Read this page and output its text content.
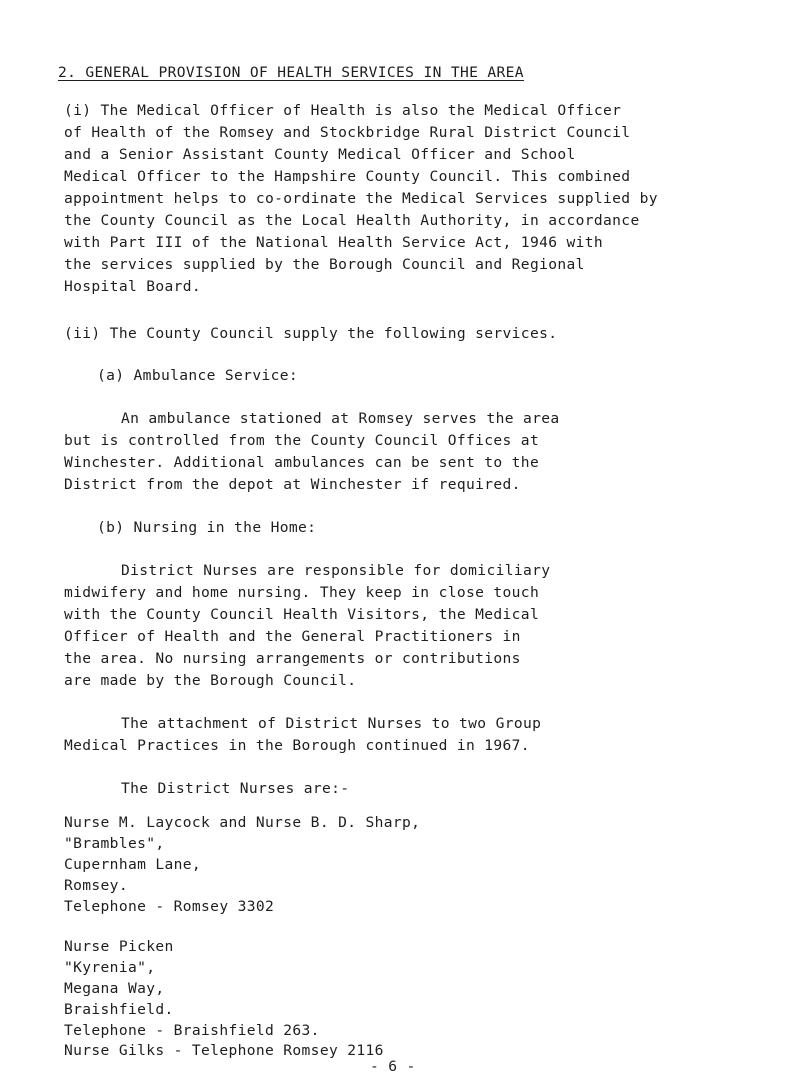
2. GENERAL PROVISION OF HEALTH SERVICES IN THE AREA
(i) The Medical Officer of Health is also the Medical Officer
of Health of the Romsey and Stockbridge Rural District Council
and a Senior Assistant County Medical Officer and School
Medical Officer to the Hampshire County Council. This combined
appointment helps to co-ordinate the Medical Services supplied by
the County Council as the Local Health Authority, in accordance
with Part III of the National Health Service Act, 1946 with
the services supplied by the Borough Council and Regional
Hospital Board.
(ii) The County Council supply the following services.
(a) Ambulance Service:
An ambulance stationed at Romsey serves the area
but is controlled from the County Council Offices at
Winchester. Additional ambulances can be sent to the
District from the depot at Winchester if required.
(b) Nursing in the Home:
District Nurses are responsible for domiciliary
midwifery and home nursing. They keep in close touch
with the County Council Health Visitors, the Medical
Officer of Health and the General Practitioners in
the area. No nursing arrangements or contributions
are made by the Borough Council.
The attachment of District Nurses to two Group
Medical Practices in the Borough continued in 1967.
The District Nurses are:-
Nurse M. Laycock and Nurse B. D. Sharp,
"Brambles",
Cupernham Lane,
Romsey.
Telephone - Romsey 3302
Nurse Picken
"Kyrenia",
Megana Way,
Braishfield.
Telephone - Braishfield 263.
Nurse Gilks - Telephone Romsey 2116
- 6 -
